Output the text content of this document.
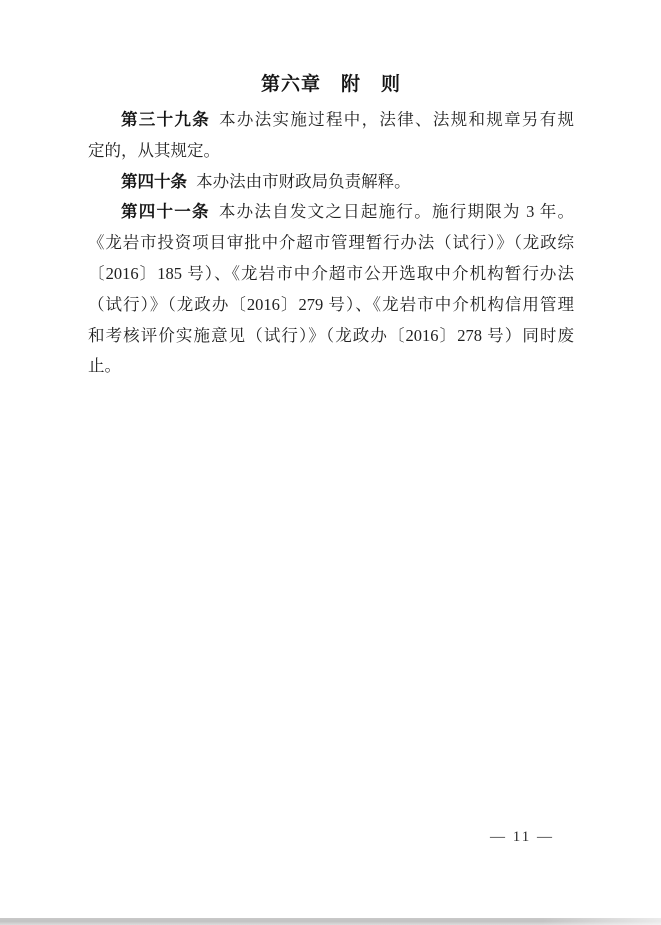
第六章　附　则

第三十九条 本办法实施过程中，法律、法规和规章另有规

定的，从其规定。

第四十条 本办法由市财政局负责解释。

第四十一条 本办法自发文之日起施行。施行期限为 3 年。

《龙岩市投资项目审批中介超市管理暂行办法（试行）》（龙政综

〔2016〕185 号）、《龙岩市中介超市公开选取中介机构暂行办法

（试行）》（龙政办〔2016〕279 号）、《龙岩市中介机构信用管理

和考核评价实施意见（试行）》（龙政办〔2016〕278 号）同时废

止。

— 11 —
